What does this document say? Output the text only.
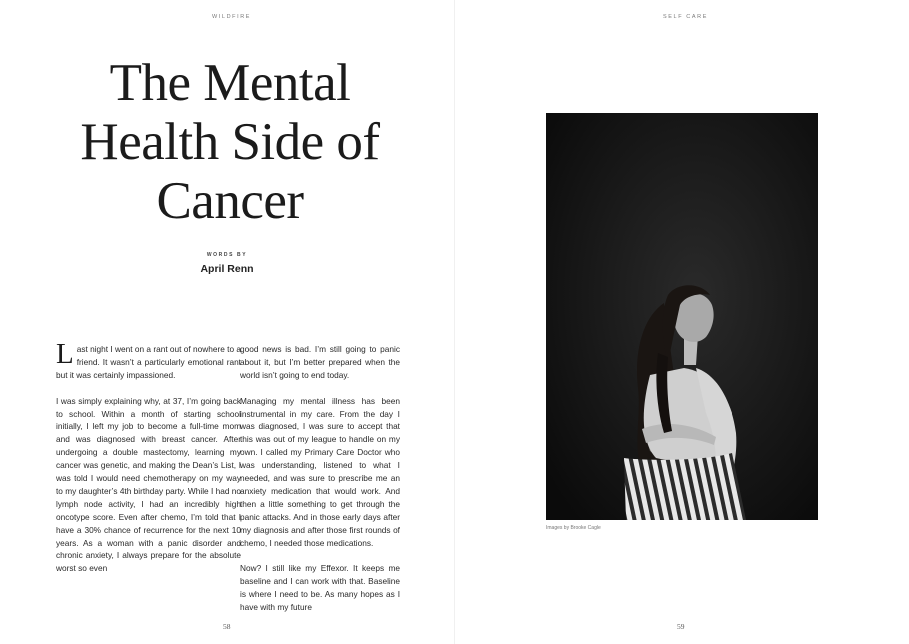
WILDFIRE
The Mental
Health Side of
Cancer
WORDS BY
April Renn

Last night I went on a rant out of nowhere to a friend. It wasn’t a particularly emotional rant but it was certainly impassioned.

I was simply explaining why, at 37, I’m going back to school. Within a month of starting school initially, I left my job to become a full-time mom and was diagnosed with breast cancer. After undergoing a double mastectomy, learning my cancer was genetic, and making the Dean’s List, I was told I would need chemotherapy on my way to my daughter’s 4th birthday party. While I had no lymph node activity, I had an incredibly high oncotype score. Even after chemo, I’m told that I have a 30% chance of recurrence for the next 10 years. As a woman with a panic disorder and chronic anxiety, I always prepare for the absolute worst so even

good news is bad. I’m still going to panic about it, but I’m better prepared when the world isn’t going to end today.

Managing my mental illness has been instrumental in my care. From the day I was diagnosed, I was sure to accept that this was out of my league to handle on my own. I called my Primary Care Doctor who was understanding, listened to what I needed, and was sure to prescribe me an anxiety medication that would work. And then a little something to get through the panic attacks. And in those early days after my diagnosis and after those first rounds of chemo, I needed those medications.

Now? I still like my Effexor. It keeps me baseline and I can work with that. Baseline is where I need to be. As many hopes as I have with my future

58
SELF CARE
Images by Brooke Cagle
59
